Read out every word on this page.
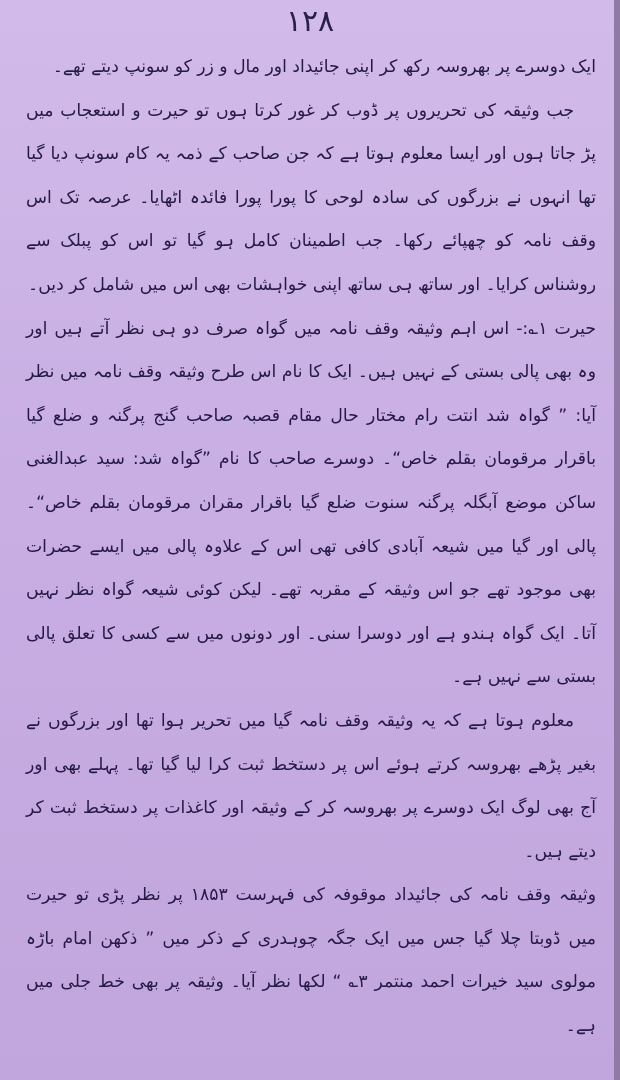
۱۲۸

ایک دوسرے پر بھروسہ رکھ کر اپنی جائیداد اور مال و زر کو سونپ دیتے تھے۔

جب وثیقہ کی تحریروں پر ڈوب کر غور کرتا ہوں تو حیرت و استعجاب میں پڑ جاتا ہوں اور ایسا معلوم ہوتا ہے کہ جن صاحب کے ذمہ یہ کام سونپ دیا گیا تھا انہوں نے بزرگوں کی سادہ لوحی کا پورا پورا فائدہ اٹھایا۔ عرصہ تک اس وقف نامہ کو چھپائے رکھا۔ جب اطمینان کامل ہو گیا تو اس کو پبلک سے روشناس کرایا۔ اور ساتھ ہی ساتھ اپنی خواہشات بھی اس میں شامل کر دیں۔

حیرت ۱؎:- اس اہم وثیقہ وقف نامہ میں گواہ صرف دو ہی نظر آتے ہیں اور وہ بھی پالی بستی کے نہیں ہیں۔ ایک کا نام اس طرح وثیقہ وقف نامہ میں نظر آیا: ” گواہ شد انتت رام مختار حال مقام قصبہ صاحب گنج پرگنہ و ضلع گیا باقرار مرقومان بقلم خاص“۔ دوسرے صاحب کا نام ”گواہ شد: سید عبدالغنی ساکن موضع آبگلہ پرگنہ سنوت ضلع گیا باقرار مقران مرقومان بقلم خاص“۔ پالی اور گیا میں شیعہ آبادی کافی تھی اس کے علاوہ پالی میں ایسے حضرات بھی موجود تھے جو اس وثیقہ کے مقربہ تھے۔ لیکن کوئی شیعہ گواہ نظر نہیں آتا۔ ایک گواہ ہندو ہے اور دوسرا سنی۔ اور دونوں میں سے کسی کا تعلق پالی بستی سے نہیں ہے۔

معلوم ہوتا ہے کہ یہ وثیقہ وقف نامہ گیا میں تحریر ہوا تھا اور بزرگوں نے بغیر پڑھے بھروسہ کرتے ہوئے اس پر دستخط ثبت کرا لیا گیا تھا۔ پہلے بھی اور آج بھی لوگ ایک دوسرے پر بھروسہ کر کے وثیقہ اور کاغذات پر دستخط ثبت کر دیتے ہیں۔

وثیقہ وقف نامہ کی جائیداد موقوفہ کی فہرست ۱۸۵۳ پر نظر پڑی تو حیرت میں ڈوبتا چلا گیا جس میں ایک جگہ چوہدری کے ذکر میں ” ذکھن امام باڑہ مولوی سید خیرات احمد منتمر ۳؎ “ لکھا نظر آیا۔ وثیقہ پر بھی خط جلی میں ہے۔
